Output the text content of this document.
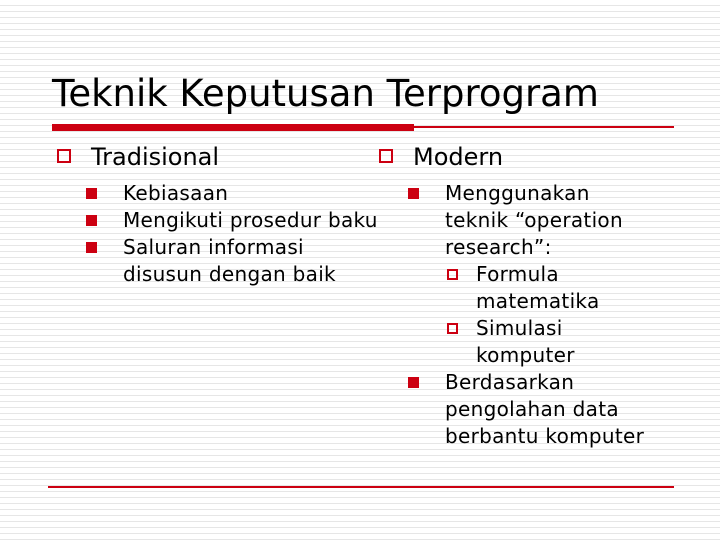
Teknik Keputusan Terprogram
Tradisional
Kebiasaan
Mengikuti prosedur baku
Saluran informasi disusun dengan baik
Modern
Menggunakan teknik “operation research”:
Formula matematika
Simulasi komputer
Berdasarkan pengolahan data berbantu komputer
